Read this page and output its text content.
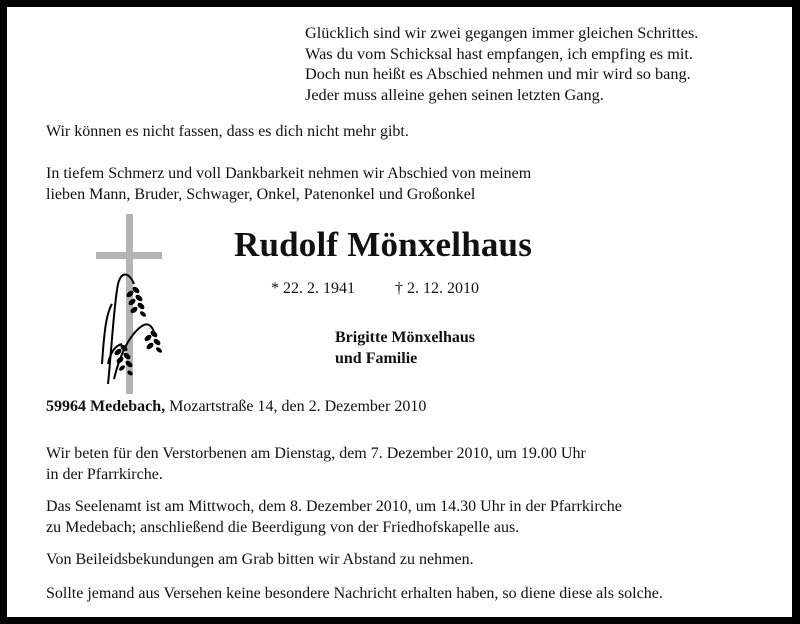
Glücklich sind wir zwei gegangen immer gleichen Schrittes.
Was du vom Schicksal hast empfangen, ich empfing es mit.
Doch nun heißt es Abschied nehmen und mir wird so bang.
Jeder muss alleine gehen seinen letzten Gang.
Wir können es nicht fassen, dass es dich nicht mehr gibt.
In tiefem Schmerz und voll Dankbarkeit nehmen wir Abschied von meinem
lieben Mann, Bruder, Schwager, Onkel, Patenonkel und Großonkel
Rudolf Mönxelhaus
* 22. 2. 1941	† 2. 12. 2010
Brigitte Mönxelhaus
und Familie
59964 Medebach, Mozartstraße 14, den 2. Dezember 2010
Wir beten für den Verstorbenen am Dienstag, dem 7. Dezember 2010, um 19.00 Uhr
in der Pfarrkirche.
Das Seelenamt ist am Mittwoch, dem 8. Dezember 2010, um 14.30 Uhr in der Pfarrkirche
zu Medebach; anschließend die Beerdigung von der Friedhofskapelle aus.
Von Beileidsbekundungen am Grab bitten wir Abstand zu nehmen.
Sollte jemand aus Versehen keine besondere Nachricht erhalten haben, so diene diese als solche.
